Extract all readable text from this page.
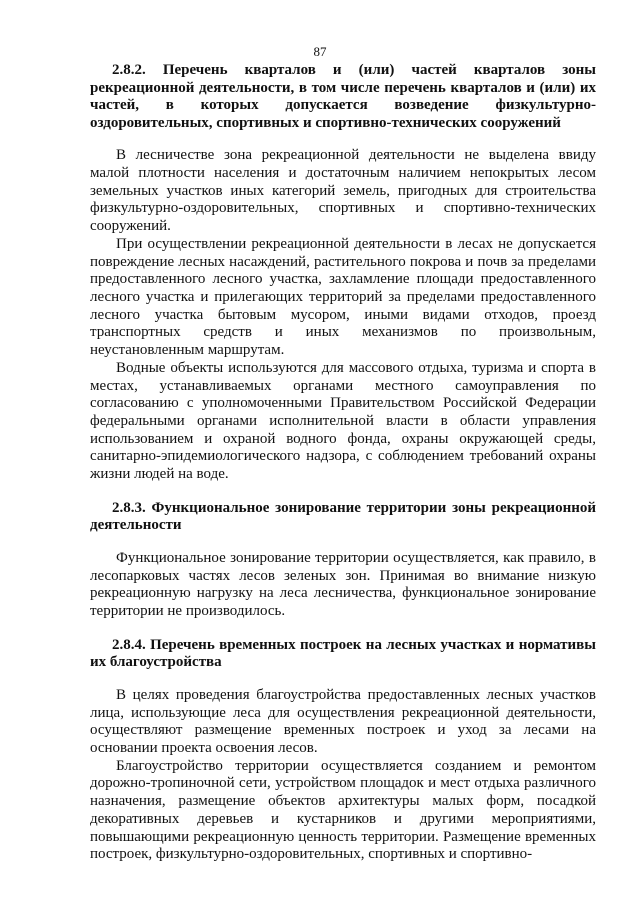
87

2.8.2. Перечень кварталов и (или) частей кварталов зоны рекреационной деятельности, в том числе перечень кварталов и (или) их частей, в которых допускается возведение физкультурно-оздоровительных, спортивных и спортивно-технических сооружений

В лесничестве зона рекреационной деятельности не выделена ввиду малой плотности населения и достаточным наличием непокрытых лесом земельных участков иных категорий земель, пригодных для строительства физкультурно-оздоровительных, спортивных и спортивно-технических сооружений.

При осуществлении рекреационной деятельности в лесах не допускается повреждение лесных насаждений, растительного покрова и почв за пределами предоставленного лесного участка, захламление площади предоставленного лесного участка и прилегающих территорий за пределами предоставленного лесного участка бытовым мусором, иными видами отходов, проезд транспортных средств и иных механизмов по произвольным, неустановленным маршрутам.

Водные объекты используются для массового отдыха, туризма и спорта в местах, устанавливаемых органами местного самоуправления по согласованию с уполномоченными Правительством Российской Федерации федеральными органами исполнительной власти в области управления использованием и охраной водного фонда, охраны окружающей среды, санитарно-эпидемиологического надзора, с соблюдением требований охраны жизни людей на воде.

2.8.3. Функциональное зонирование территории зоны рекреационной деятельности

Функциональное зонирование территории осуществляется, как правило, в лесопарковых частях лесов зеленых зон. Принимая во внимание низкую рекреационную нагрузку на леса лесничества, функциональное зонирование территории не производилось.

2.8.4. Перечень временных построек на лесных участках и нормативы их благоустройства

В целях проведения благоустройства предоставленных лесных участков лица, использующие леса для осуществления рекреационной деятельности, осуществляют размещение временных построек и уход за лесами на основании проекта освоения лесов.

Благоустройство территории осуществляется созданием и ремонтом дорожно-тропиночной сети, устройством площадок и мест отдыха различного назначения, размещение объектов архитектуры малых форм, посадкой декоративных деревьев и кустарников и другими мероприятиями, повышающими рекреационную ценность территории. Размещение временных построек, физкультурно-оздоровительных, спортивных и спортивно-
